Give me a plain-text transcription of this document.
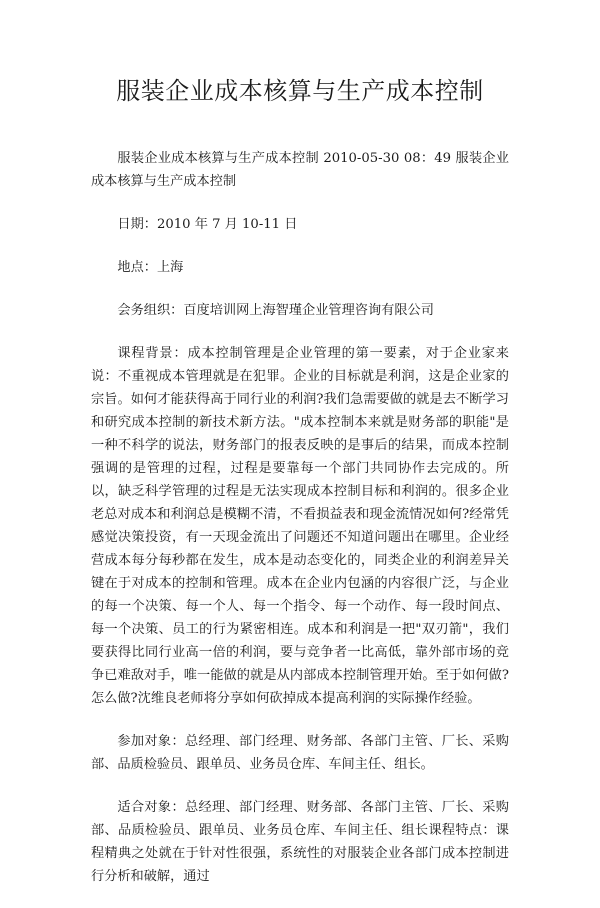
服装企业成本核算与生产成本控制

服装企业成本核算与生产成本控制 2010-05-30 08：49 服装企业成本核算与生产成本控制

日期：2010 年 7 月 10-11 日

地点：上海

会务组织：百度培训网上海智瑾企业管理咨询有限公司

课程背景：成本控制管理是企业管理的第一要素，对于企业家来说：不重视成本管理就是在犯罪。企业的目标就是利润，这是企业家的宗旨。如何才能获得高于同行业的利润?我们急需要做的就是去不断学习和研究成本控制的新技术新方法。"成本控制本来就是财务部的职能"是一种不科学的说法，财务部门的报表反映的是事后的结果，而成本控制强调的是管理的过程，过程是要靠每一个部门共同协作去完成的。所以，缺乏科学管理的过程是无法实现成本控制目标和利润的。很多企业老总对成本和利润总是模糊不清，不看损益表和现金流情况如何?经常凭感觉决策投资，有一天现金流出了问题还不知道问题出在哪里。企业经营成本每分每秒都在发生，成本是动态变化的，同类企业的利润差异关键在于对成本的控制和管理。成本在企业内包涵的内容很广泛，与企业的每一个决策、每一个人、每一个指令、每一个动作、每一段时间点、每一个决策、员工的行为紧密相连。成本和利润是一把"双刃箭"，我们要获得比同行业高一倍的利润，要与竞争者一比高低，靠外部市场的竞争已难敌对手，唯一能做的就是从内部成本控制管理开始。至于如何做?怎么做?沈维良老师将分享如何砍掉成本提高利润的实际操作经验。

参加对象：总经理、部门经理、财务部、各部门主管、厂长、采购部、品质检验员、跟单员、业务员仓库、车间主任、组长。

适合对象：总经理、部门经理、财务部、各部门主管、厂长、采购部、品质检验员、跟单员、业务员仓库、车间主任、组长课程特点：课程精典之处就在于针对性很强，系统性的对服装企业各部门成本控制进行分析和破解，通过
